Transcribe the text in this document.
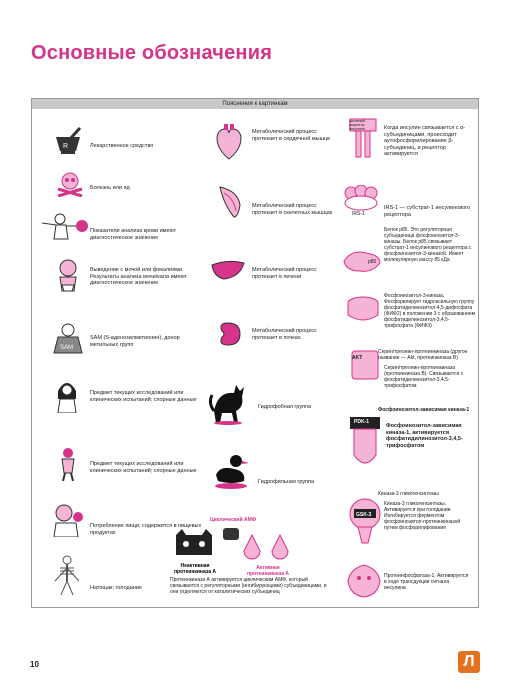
Основные обозначения
Пояснения к картинкам
R	Лекарственное средство
Болезнь или яд
Показатели анализа крови имеют диагностическое значение
Выведение с мочой или фекалиями. Результаты анализа мочи/кала имеют диагностическое значение
SAM
SAM (S-аденозилметионин), донор метильных групп
Предмет текущих исследований или клинических испытаний; спорные данные
Предмет текущих исследований или клинических испытаний; спорные данные
Потребление пищи; содержится в пищевых продуктах
Натощак; голодание
Метаболический процесс протекает в сердечной мышце
Метаболический процесс протекает в скелетных мышцах
Метаболический процесс протекает в печени
Метаболический процесс протекает в почках
Гидрофобная группа
Гидрофильная группа
Циклический АМФ
Неактивная протеинкиназа А
Активная протеинкиназа А
Протеинкиназа А активируется циклическим АМФ, который связывается с регуляторными (ингибирующими) субъединицами, и они отделяются от каталитических субъединиц
Активный рецептор инсулина	Когда инсулин связывается с α-субъединицами, происходит аутофосфорилирование β-субъединиц, и рецептор активируется
IRS-1
IRS-1 — субстрат-1 инсулинового рецептора
p85
Белок p85. Это регуляторная субъединица фосфоинозитол-3-киназы. Белок p85 связывает субстрат-1 инсулинового рецептора с фосфоинозитол-3-киназой. Имеет молекулярную массу 85 кДа
Фосфоинозитол-3-киназа. Фосфорилирует гидроксильную группу фосфатидилинозитол-4,5-дифосфата (ФИФ2) в положении 3 с образованием фосфатидилинозитол-3,4,5-трифосфата (ФИФ3)
AKT
Серин/треонин-протеинкиназа (другое название — Akt, протеинкиназа B)
Серин/треонин-протеинкиназа (протеинкиназа B). Связывается с фосфатидилинозитол-3,4,5-трифосфатом
Фосфоинозитол-зависимая киназа-1
PDK-1
Фосфоинозитол-зависимая киназа-1, активируется фосфатидилинозитол-3,4,5-трифосфатом
Киназа-3 гликогенсинтазы
GSK-3
Киназа-3 гликогенсинтазы. Активируется при голодании. Ингибируется ферментом фосфоинозитол-протеинкиназой путем фосфорилирования
Протеинфосфатаза-1. Активируется в ходе трансдукции сигнала инсулина
10	Л
